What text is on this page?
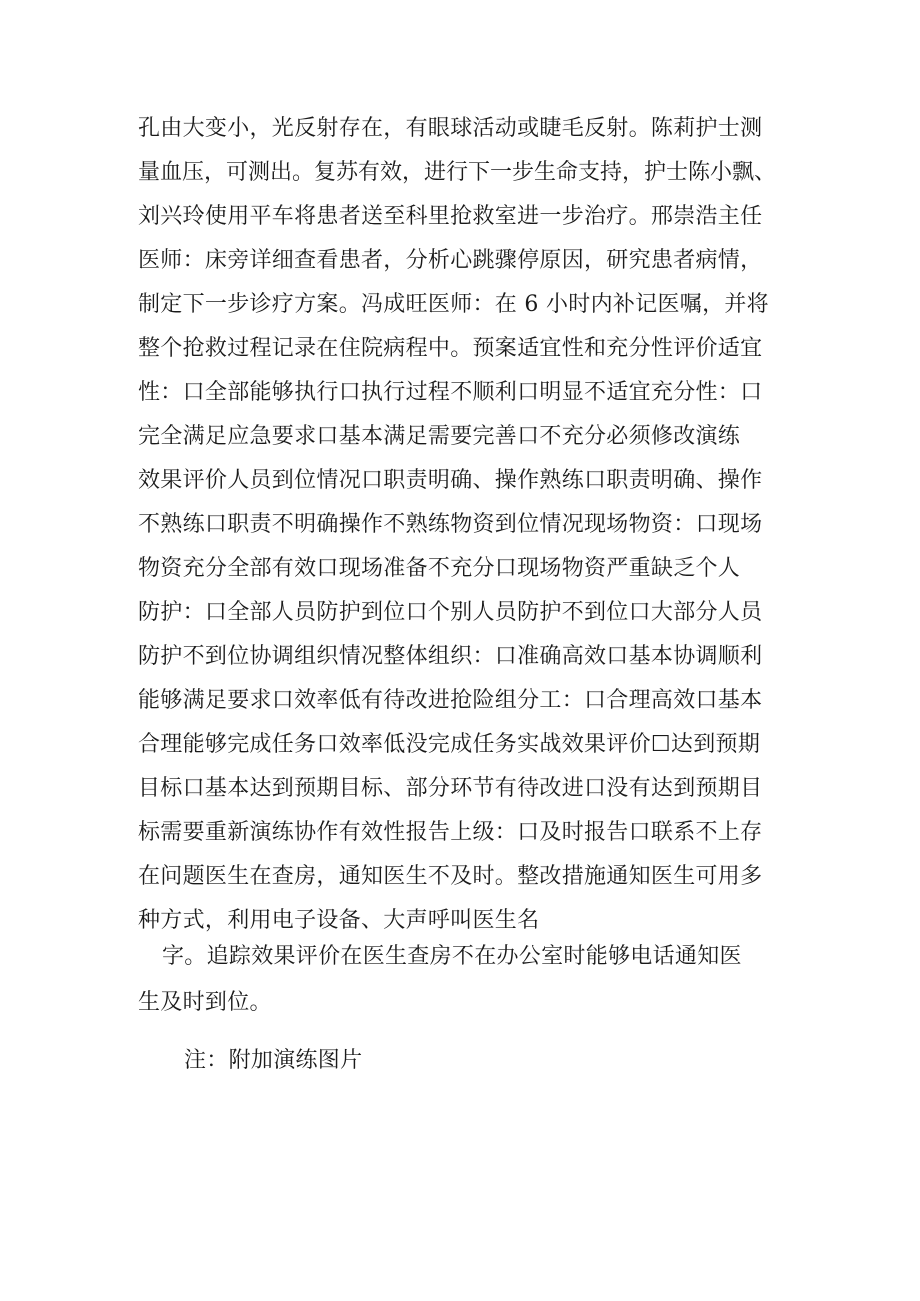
孔由大变小，光反射存在，有眼球活动或睫毛反射。陈莉护士测
量血压，可测出。复苏有效，进行下一步生命支持，护士陈小飘、
刘兴玲使用平车将患者送至科里抢救室进一步治疗。邢崇浩主任
医师：床旁详细查看患者，分析心跳骤停原因，研究患者病情，
制定下一步诊疗方案。冯成旺医师：在 6 小时内补记医嘱，并将
整个抢救过程记录在住院病程中。预案适宜性和充分性评价适宜
性：口全部能够执行口执行过程不顺利口明显不适宜充分性：口
完全满足应急要求口基本满足需要完善口不充分必须修改演练
效果评价人员到位情况口职责明确、操作熟练口职责明确、操作
不熟练口职责不明确操作不熟练物资到位情况现场物资：口现场
物资充分全部有效口现场准备不充分口现场物资严重缺乏个人
防护：口全部人员防护到位口个别人员防护不到位口大部分人员
防护不到位协调组织情况整体组织：口准确高效口基本协调顺利
能够满足要求口效率低有待改进抢险组分工：口合理高效口基本
合理能够完成任务口效率低没完成任务实战效果评价☐达到预期
目标口基本达到预期目标、部分环节有待改进口没有达到预期目
标需要重新演练协作有效性报告上级：口及时报告口联系不上存
在问题医生在查房，通知医生不及时。整改措施通知医生可用多
种方式，利用电子设备、大声呼叫医生名
字。追踪效果评价在医生查房不在办公室时能够电话通知医
生及时到位。
注：附加演练图片
